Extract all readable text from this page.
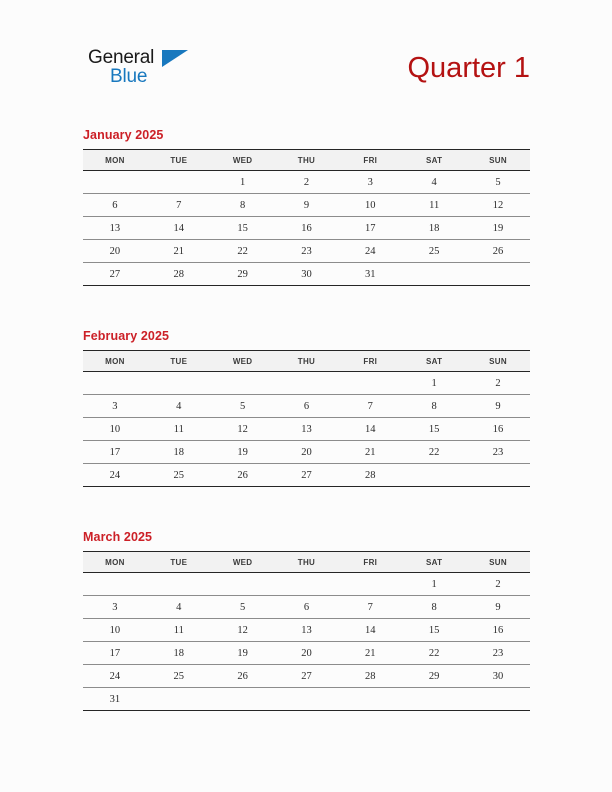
General
Blue	Quarter 1
January 2025
MON	TUE	WED	THU	FRI	SAT	SUN
		1	2	3	4	5
6	7	8	9	10	11	12
13	14	15	16	17	18	19
20	21	22	23	24	25	26
27	28	29	30	31		
February 2025
MON	TUE	WED	THU	FRI	SAT	SUN
					1	2
3	4	5	6	7	8	9
10	11	12	13	14	15	16
17	18	19	20	21	22	23
24	25	26	27	28		
March 2025
MON	TUE	WED	THU	FRI	SAT	SUN
					1	2
3	4	5	6	7	8	9
10	11	12	13	14	15	16
17	18	19	20	21	22	23
24	25	26	27	28	29	30
31						
